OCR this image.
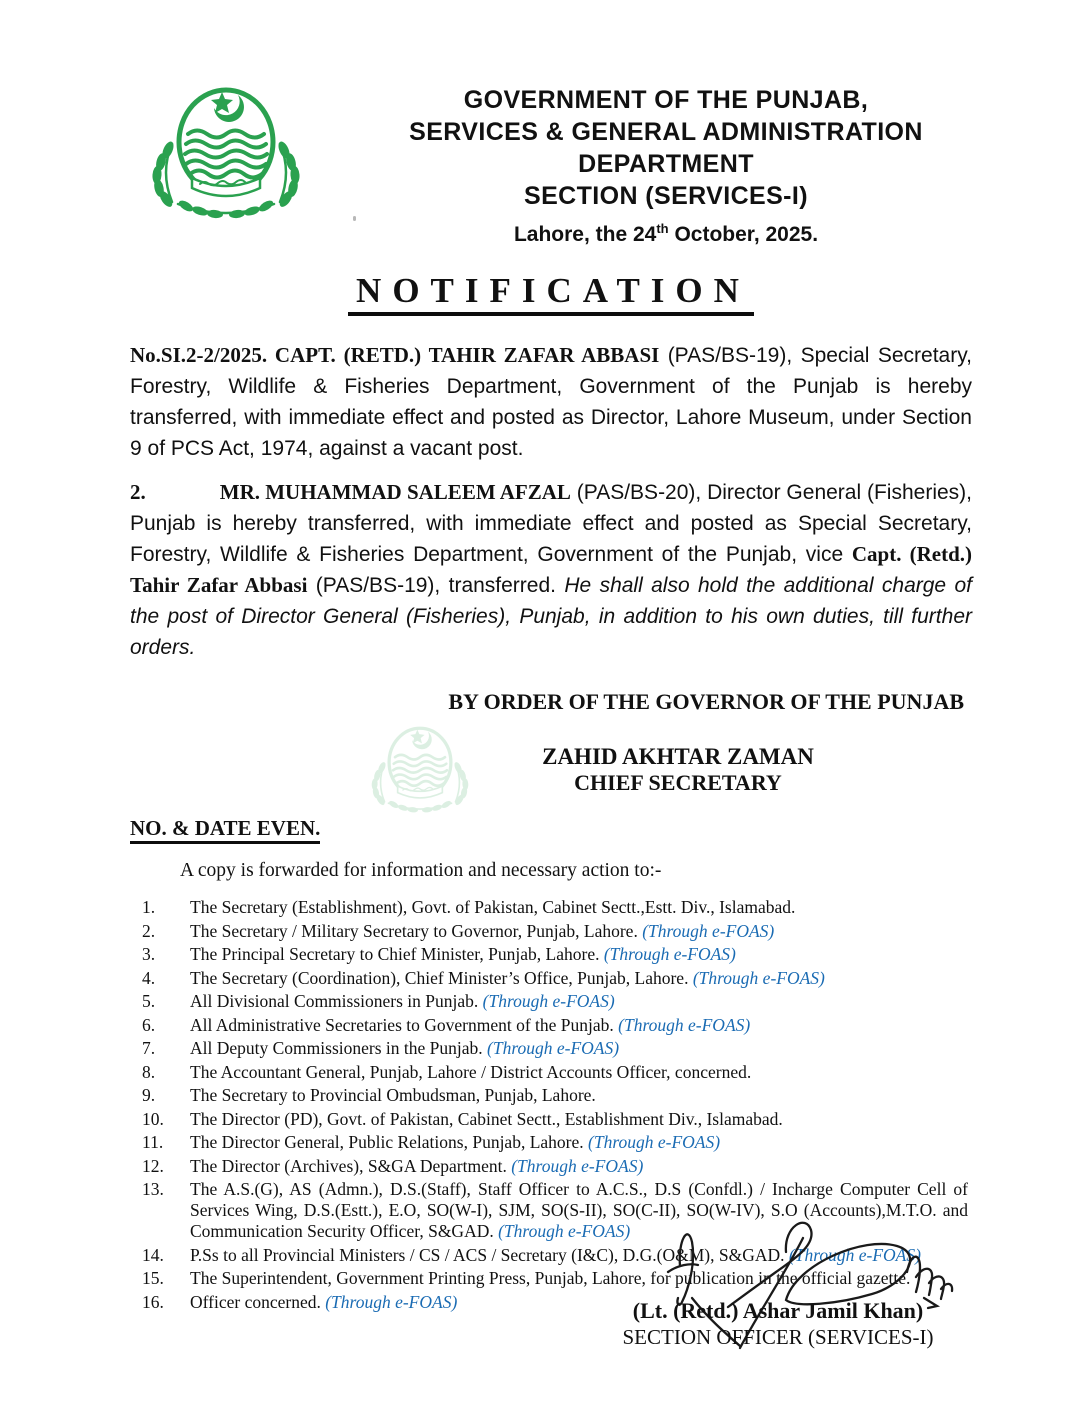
GOVERNMENT OF THE PUNJAB,
SERVICES & GENERAL ADMINISTRATION
DEPARTMENT
SECTION (SERVICES-I)
Lahore, the 24th October, 2025.
NOTIFICATION

No.SI.2-2/2025. CAPT. (RETD.) TAHIR ZAFAR ABBASI (PAS/BS-19), Special Secretary, Forestry, Wildlife & Fisheries Department, Government of the Punjab is hereby transferred, with immediate effect and posted as Director, Lahore Museum, under Section 9 of PCS Act, 1974, against a vacant post.

2.	MR. MUHAMMAD SALEEM AFZAL (PAS/BS-20), Director General (Fisheries), Punjab is hereby transferred, with immediate effect and posted as Special Secretary, Forestry, Wildlife & Fisheries Department, Government of the Punjab, vice Capt. (Retd.) Tahir Zafar Abbasi (PAS/BS-19), transferred. He shall also hold the additional charge of the post of Director General (Fisheries), Punjab, in addition to his own duties, till further orders.

BY ORDER OF THE GOVERNOR OF THE PUNJAB
ZAHID AKHTAR ZAMAN
CHIEF SECRETARY
NO. & DATE EVEN.
A copy is forwarded for information and necessary action to:-
1.	The Secretary (Establishment), Govt. of Pakistan, Cabinet Sectt.,Estt. Div., Islamabad.
2.	The Secretary / Military Secretary to Governor, Punjab, Lahore. (Through e-FOAS)
3.	The Principal Secretary to Chief Minister, Punjab, Lahore. (Through e-FOAS)
4.	The Secretary (Coordination), Chief Minister’s Office, Punjab, Lahore. (Through e-FOAS)
5.	All Divisional Commissioners in Punjab. (Through e-FOAS)
6.	All Administrative Secretaries to Government of the Punjab. (Through e-FOAS)
7.	All Deputy Commissioners in the Punjab. (Through e-FOAS)
8.	The Accountant General, Punjab, Lahore / District Accounts Officer, concerned.
9.	The Secretary to Provincial Ombudsman, Punjab, Lahore.
10.	The Director (PD), Govt. of Pakistan, Cabinet Sectt., Establishment Div., Islamabad.
11.	The Director General, Public Relations, Punjab, Lahore. (Through e-FOAS)
12.	The Director (Archives), S&GA Department. (Through e-FOAS)
13.	The A.S.(G), AS (Admn.), D.S.(Staff), Staff Officer to A.C.S., D.S (Confdl.) / Incharge Computer Cell of Services Wing, D.S.(Estt.), E.O, SO(W-I), SJM, SO(S-II), SO(C-II), SO(W-IV), S.O (Accounts),M.T.O. and Communication Security Officer, S&GAD. (Through e-FOAS)
14.	P.Ss to all Provincial Ministers / CS / ACS / Secretary (I&C), D.G.(O&M), S&GAD. (Through e-FOAS)
15.	The Superintendent, Government Printing Press, Punjab, Lahore, for publication in the official gazette.
16.	Officer concerned. (Through e-FOAS)	(Lt. (Retd.) Ashar Jamil Khan)
SECTION OFFICER (SERVICES-I)
